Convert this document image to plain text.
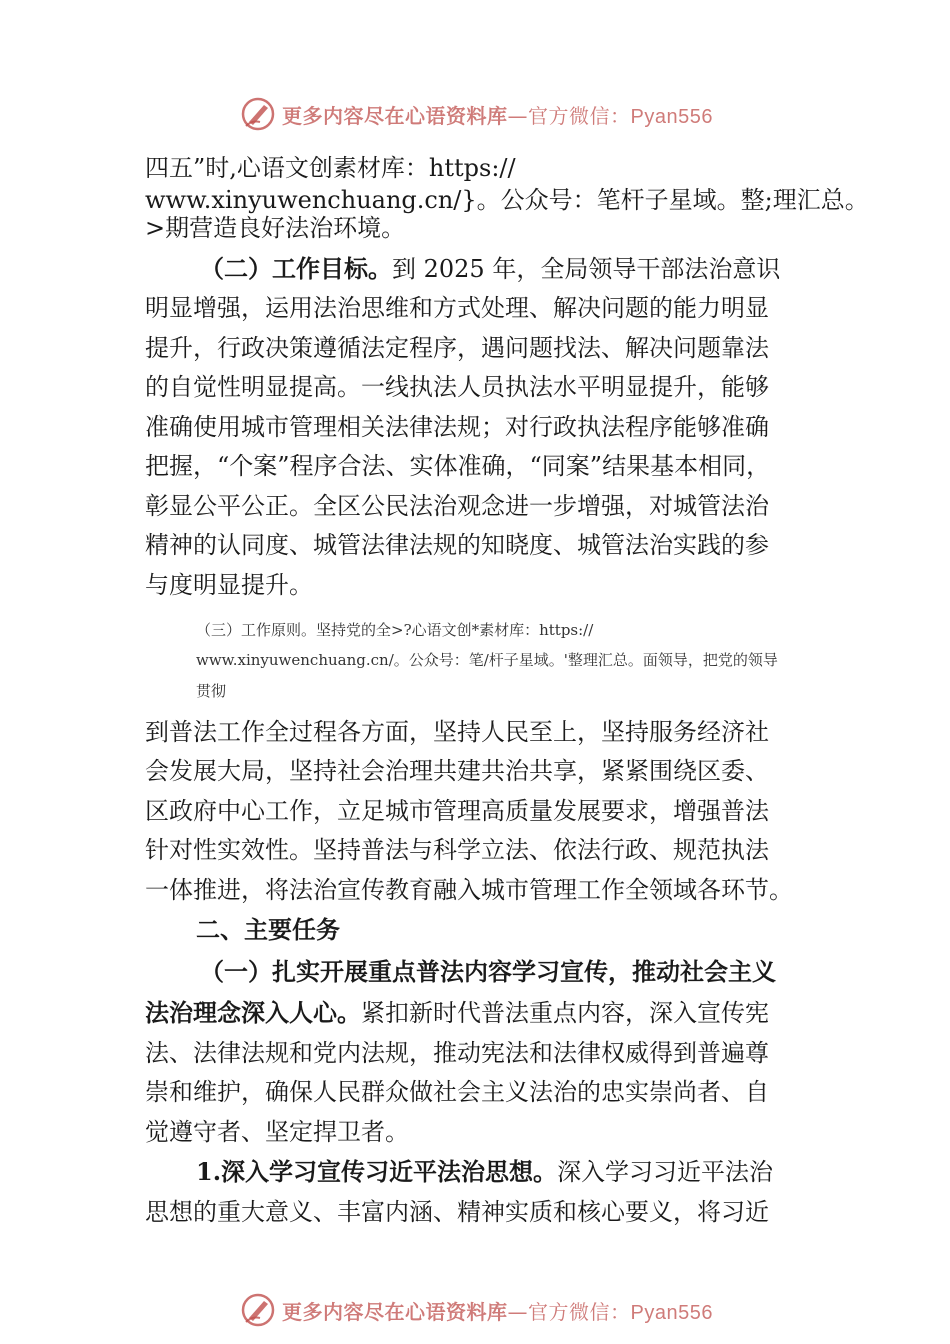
更多内容尽在心语资料库—官方微信：Pyan556
四五”时,心语文创素材库：https://
www.xinyuwenchuang.cn/}。公众号：笔杆子星域。整;理汇总。
>期营造良好法治环境。
（二）工作目标。到 2025 年，全局领导干部法治意识
明显增强，运用法治思维和方式处理、解决问题的能力明显
提升，行政决策遵循法定程序，遇问题找法、解决问题靠法
的自觉性明显提高。一线执法人员执法水平明显提升，能够
准确使用城市管理相关法律法规；对行政执法程序能够准确
把握，“个案”程序合法、实体准确，“同案”结果基本相同，
彰显公平公正。全区公民法治观念进一步增强，对城管法治
精神的认同度、城管法律法规的知晓度、城管法治实践的参
与度明显提升。
（三）工作原则。坚持党的全>?心语文创*素材库：https://
www.xinyuwenchuang.cn/。公众号：笔/杆子星域。'整理汇总。面领导，把党的领导
贯彻
到普法工作全过程各方面，坚持人民至上，坚持服务经济社
会发展大局，坚持社会治理共建共治共享，紧紧围绕区委、
区政府中心工作，立足城市管理高质量发展要求，增强普法
针对性实效性。坚持普法与科学立法、依法行政、规范执法
一体推进，将法治宣传教育融入城市管理工作全领域各环节。
二、主要任务
（一）扎实开展重点普法内容学习宣传，推动社会主义
法治理念深入人心。紧扣新时代普法重点内容，深入宣传宪
法、法律法规和党内法规，推动宪法和法律权威得到普遍尊
崇和维护，确保人民群众做社会主义法治的忠实崇尚者、自
觉遵守者、坚定捍卫者。
1.深入学习宣传习近平法治思想。深入学习习近平法治
思想的重大意义、丰富内涵、精神实质和核心要义，将习近
更多内容尽在心语资料库—官方微信：Pyan556
